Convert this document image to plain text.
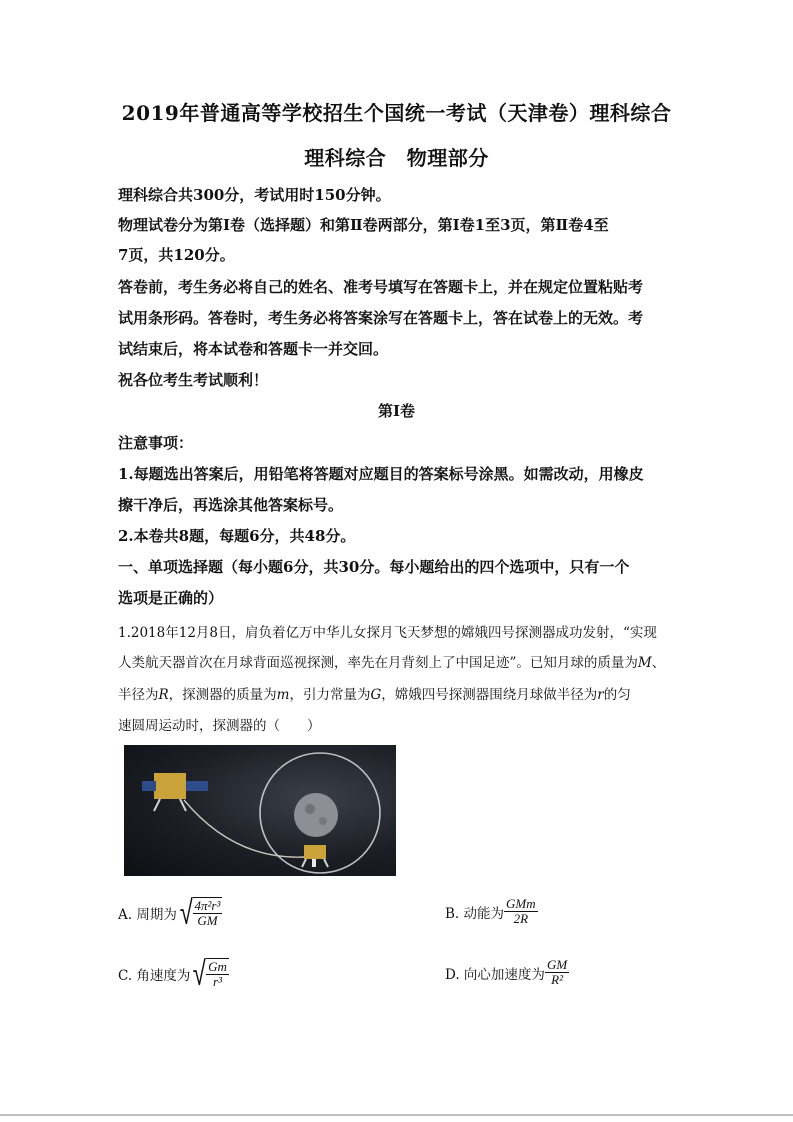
2019年普通高等学校招生个国统一考试（天津卷）理科综合
理科综合　物理部分
理科综合共300分，考试用时150分钟。
物理试卷分为第Ⅰ卷（选择题）和第Ⅱ卷两部分，第Ⅰ卷1至3页，第Ⅱ卷4至
7页，共120分。
答卷前，考生务必将自己的姓名、准考号填写在答题卡上，并在规定位置粘贴考
试用条形码。答卷时，考生务必将答案涂写在答题卡上，答在试卷上的无效。考
试结束后，将本试卷和答题卡一并交回。
祝各位考生考试顺利！
第Ⅰ卷
注意事项：
1.每题选出答案后，用铅笔将答题对应题目的答案标号涂黑。如需改动，用橡皮
擦干净后，再选涂其他答案标号。
2.本卷共8题，每题6分，共48分。
一、单项选择题（每小题6分，共30分。每小题给出的四个选项中，只有一个
选项是正确的）
1.2018年12月8日，肩负着亿万中华儿女探月飞天梦想的嫦娥四号探测器成功发射，“实现
人类航天器首次在月球背面巡视探测，率先在月背刻上了中国足迹”。已知月球的质量为M、
半径为R，探测器的质量为m，引力常量为G，嫦娥四号探测器围绕月球做半径为r的匀
速圆周运动时，探测器的（　　）
A. 周期为 √ $\frac{\text{4π²r³}}{GM}$	B. 动能为 $\frac{\text{GMm}}{2R}$
C. 角速度为 √ $\frac{Gm}{\text{r³}}$	D. 向心加速度为 $\frac{GM}{\text{R²}}$
